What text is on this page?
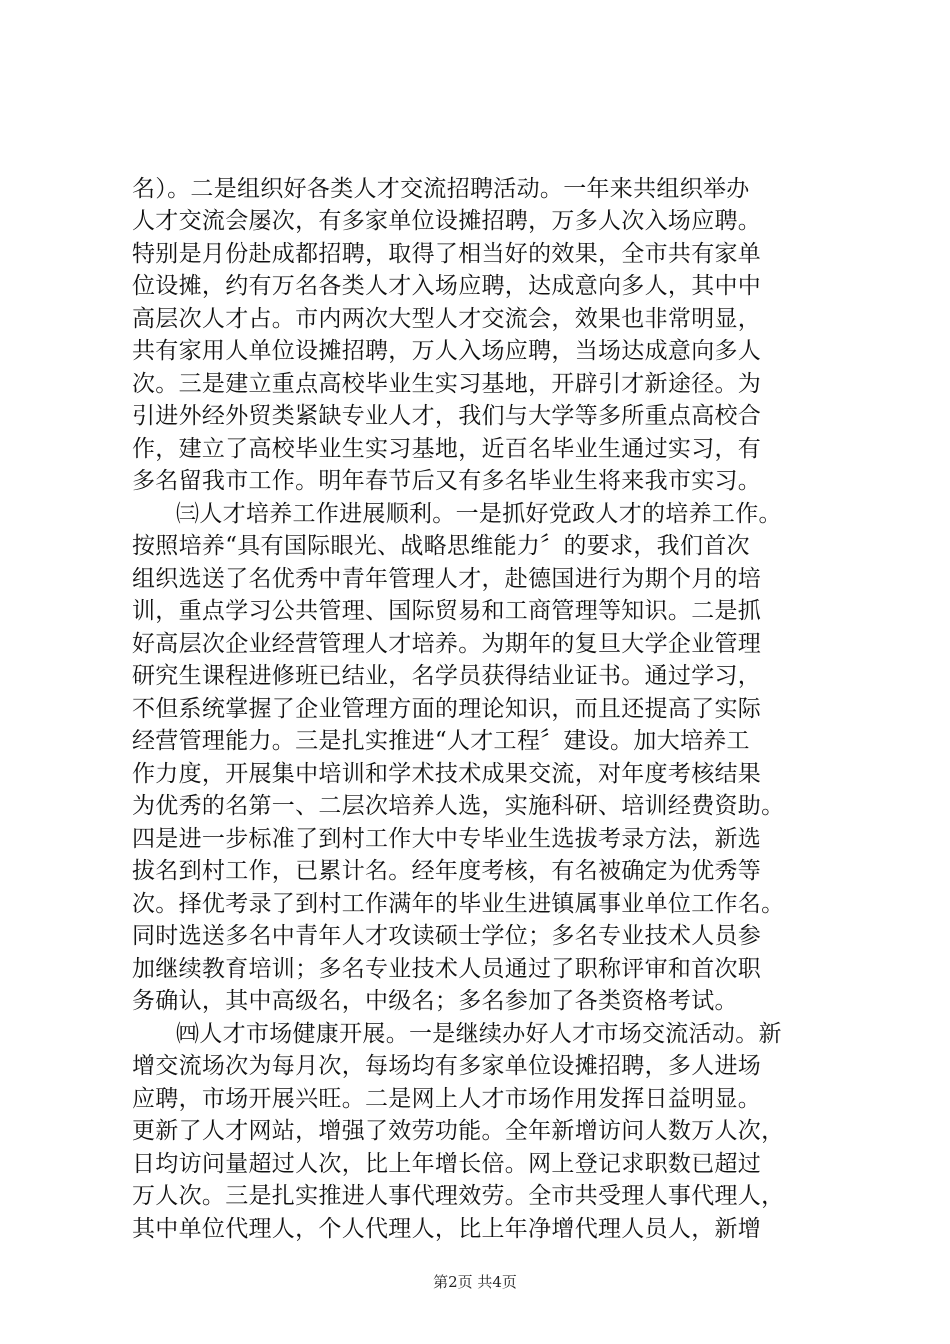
名）。二是组织好各类人才交流招聘活动。一年来共组织举办
人才交流会屡次，有多家单位设摊招聘，万多人次入场应聘。
特别是月份赴成都招聘，取得了相当好的效果，全市共有家单
位设摊，约有万名各类人才入场应聘，达成意向多人，其中中
高层次人才占。市内两次大型人才交流会，效果也非常明显，
共有家用人单位设摊招聘，万人入场应聘，当场达成意向多人
次。三是建立重点高校毕业生实习基地，开辟引才新途径。为
引进外经外贸类紧缺专业人才，我们与大学等多所重点高校合
作，建立了高校毕业生实习基地，近百名毕业生通过实习，有
多名留我市工作。明年春节后又有多名毕业生将来我市实习。
㈢人才培养工作进展顺利。一是抓好党政人才的培养工作。
按照培养“具有国际眼光、战略思维能力〞的要求，我们首次
组织选送了名优秀中青年管理人才，赴德国进行为期个月的培
训，重点学习公共管理、国际贸易和工商管理等知识。二是抓
好高层次企业经营管理人才培养。为期年的复旦大学企业管理
研究生课程进修班已结业，名学员获得结业证书。通过学习，
不但系统掌握了企业管理方面的理论知识，而且还提高了实际
经营管理能力。三是扎实推进“人才工程〞建设。加大培养工
作力度，开展集中培训和学术技术成果交流，对年度考核结果
为优秀的名第一、二层次培养人选，实施科研、培训经费资助。
四是进一步标准了到村工作大中专毕业生选拔考录方法，新选
拔名到村工作，已累计名。经年度考核，有名被确定为优秀等
次。择优考录了到村工作满年的毕业生进镇属事业单位工作名。
同时选送多名中青年人才攻读硕士学位；多名专业技术人员参
加继续教育培训；多名专业技术人员通过了职称评审和首次职
务确认，其中高级名，中级名；多名参加了各类资格考试。
㈣人才市场健康开展。一是继续办好人才市场交流活动。新
增交流场次为每月次，每场均有多家单位设摊招聘，多人进场
应聘，市场开展兴旺。二是网上人才市场作用发挥日益明显。
更新了人才网站，增强了效劳功能。全年新增访问人数万人次，
日均访问量超过人次，比上年增长倍。网上登记求职数已超过
万人次。三是扎实推进人事代理效劳。全市共受理人事代理人，
其中单位代理人，个人代理人，比上年净增代理人员人，新增
第2页 共4页
